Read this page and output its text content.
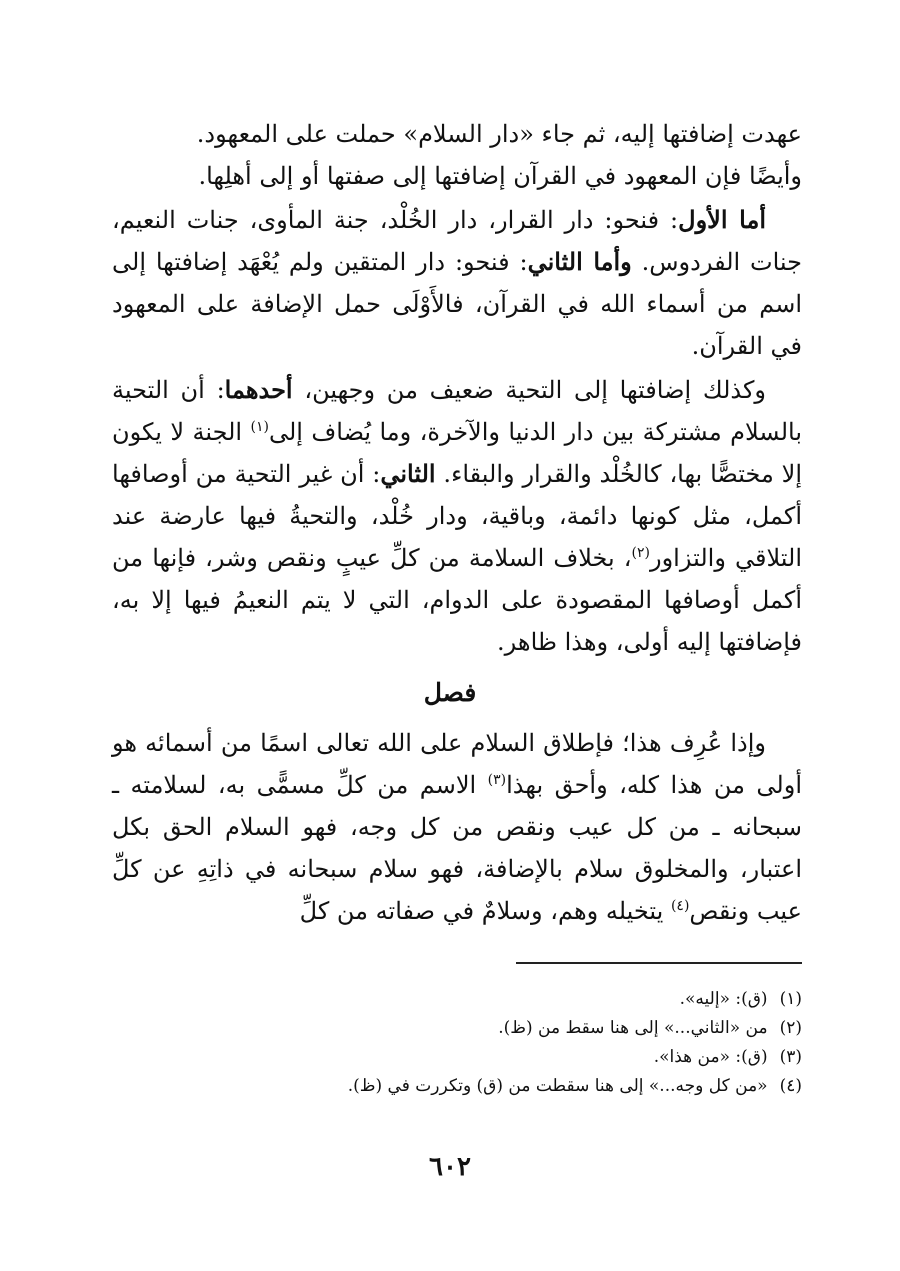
عهدت إضافتها إليه، ثم جاء «دار السلام» حملت على المعهود.

وأيضًا فإن المعهود في القرآن إضافتها إلى صفتها أو إلى أهلِها.

أما الأول: فنحو: دار القرار، دار الخُلْد، جنة المأوى، جنات النعيم، جنات الفردوس. وأما الثاني: فنحو: دار المتقين ولم يُعْهَد إضافتها إلى اسم من أسماء الله في القرآن، فالأَوْلَى حمل الإضافة على المعهود في القرآن.

وكذلك إضافتها إلى التحية ضعيف من وجهين، أحدهما: أن التحية بالسلام مشتركة بين دار الدنيا والآخرة، وما يُضاف إلى$^{(١)}$ الجنة لا يكون إلا مختصًّا بها، كالخُلْد والقرار والبقاء. الثاني: أن غير التحية من أوصافها أكمل، مثل كونها دائمة، وباقية، ودار خُلْد، والتحيةُ فيها عارضة عند التلاقي والتزاور$^{(٢)}$، بخلاف السلامة من كلِّ عيبٍ ونقص وشر، فإنها من أكمل أوصافها المقصودة على الدوام، التي لا يتم النعيمُ فيها إلا به، فإضافتها إليه أولى، وهذا ظاهر.

فصل

وإذا عُرِف هذا؛ فإطلاق السلام على الله تعالى اسمًا من أسمائه هو أولى من هذا كله، وأحق بهذا$^{(٣)}$ الاسم من كلِّ مسمًّى به، لسلامته ـ سبحانه ـ من كل عيب ونقص من كل وجه، فهو السلام الحق بكل اعتبار، والمخلوق سلام بالإضافة، فهو سلام سبحانه في ذاتِهِ عن كلِّ عيب ونقص$^{(٤)}$ يتخيله وهم، وسلامٌ في صفاته من كلِّ

(١)(ق): «إليه».
(٢)من «الثاني...» إلى هنا سقط من (ظ).
(٣)(ق): «من هذا».
(٤)«من كل وجه...» إلى هنا سقطت من (ق) وتكررت في (ظ).
٦٠٢
